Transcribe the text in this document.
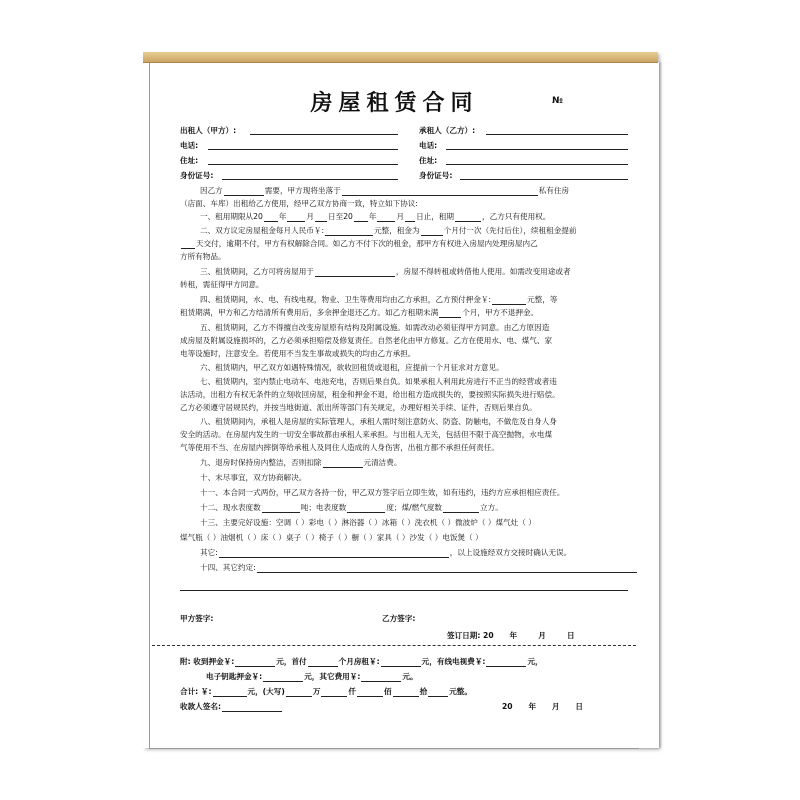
房屋租赁合同	№
出租人（甲方）:	承租人（乙方）:
电话:	电话:
住址:	住址:
身份证号:	身份证号:
因乙方	需要，甲方现将坐落于	私有住房
（店面、车库）出租给乙方使用，经甲乙双方协商一致，特立如下协议:
一、租用期限从20 年	月 日至20 年	月 日止，租期	，乙方只有使用权。
二、双方议定房屋租金每月人民币￥:	元整，租金为	个月付一次（先付后住），续租租金提前
天交付，逾期不付，甲方有权解除合同。如乙方不付下次的租金，那甲方有权进入房屋内处理房屋内乙
方所有物品。
三、租赁期间，乙方可将房屋用于	，房屋不得转租或转借他人使用。如需改变用途或者
转租，需征得甲方同意。
四、租赁期间，水、电、有线电视，物业、卫生等费用均由乙方承担，乙方预付押金￥:	元整，等
租赁期满，甲方和乙方结清所有费用后，多余押金退还乙方。如乙方租期未满	个月，甲方不退押金。
五、租赁期间，乙方不得擅自改变房屋原有结构及附属设施。如需改动必须征得甲方同意。由乙方原因造
成房屋及附属设施损坏的，乙方必须承担赔偿及修复责任。自然老化由甲方修复。乙方在使用水、电、煤气、家
电等设施时，注意安全。若使用不当发生事故或损失的均由乙方承担。
六、租赁期内，甲乙双方如遇特殊情况，欲收回租赁或退租，应提前一个月征求对方意见。
七、租赁期内，室内禁止电动车、电池充电，否则后果自负。如果承租人利用此房进行不正当的经营或者违
法活动，出租方有权无条件的立刻收回房屋，租金和押金不退，给出租方造成损失的，要按照实际损失进行赔偿。
乙方必须遵守居规民约，并按当地街道、派出所等部门有关规定，办理好相关手续、证件，否则后果自负。
八、租赁期间内，承租人是房屋的实际管理人，承租人需时刻注意防火、防盗、防触电，不做危及自身人身
安全的活动。在房屋内发生的一切安全事故都由承租人来承担。与出租人无关，包括但不限于高空抛物，水电煤
气等使用不当、在房屋内摔倒等给承租人及同住人造成的人身伤害，出租方都不承担任何责任。
九、退房时保持房内整洁，否则扣除	元清洁费。
十、未尽事宜，双方协商解决。
十一、本合同一式两份，甲乙双方各持一份，甲乙双方签字后立即生效，如有违约，违约方应承担相应责任。
十二、现水表度数	吨；电表度数	度；煤/燃气度数	立方。
十三、主要完好设施：空调（ ）彩电（ ）淋浴器（ ）冰箱（ ）洗衣机（ ）微波炉（ ）煤气灶（ ）
煤气瓶（ ）油烟机（ ）床（ ）桌子（ ）椅子（ ）橱（ ）家具（ ）沙发（ ）电饭煲（ ）
其它:	，以上设施经双方交接时确认无误。
十四、其它约定:
甲方签字:	乙方签字:
签订日期: 20 年	月	日
附: 收到押金￥:	元，首付	个月房租￥:	元，有线电视费￥:	元，
电子钥匙押金￥:	元，其它费用￥:	元。
合计: ￥:	元，(大写)	万	仟	佰	拾	元整。
收款人签名:	20 年 月 日
